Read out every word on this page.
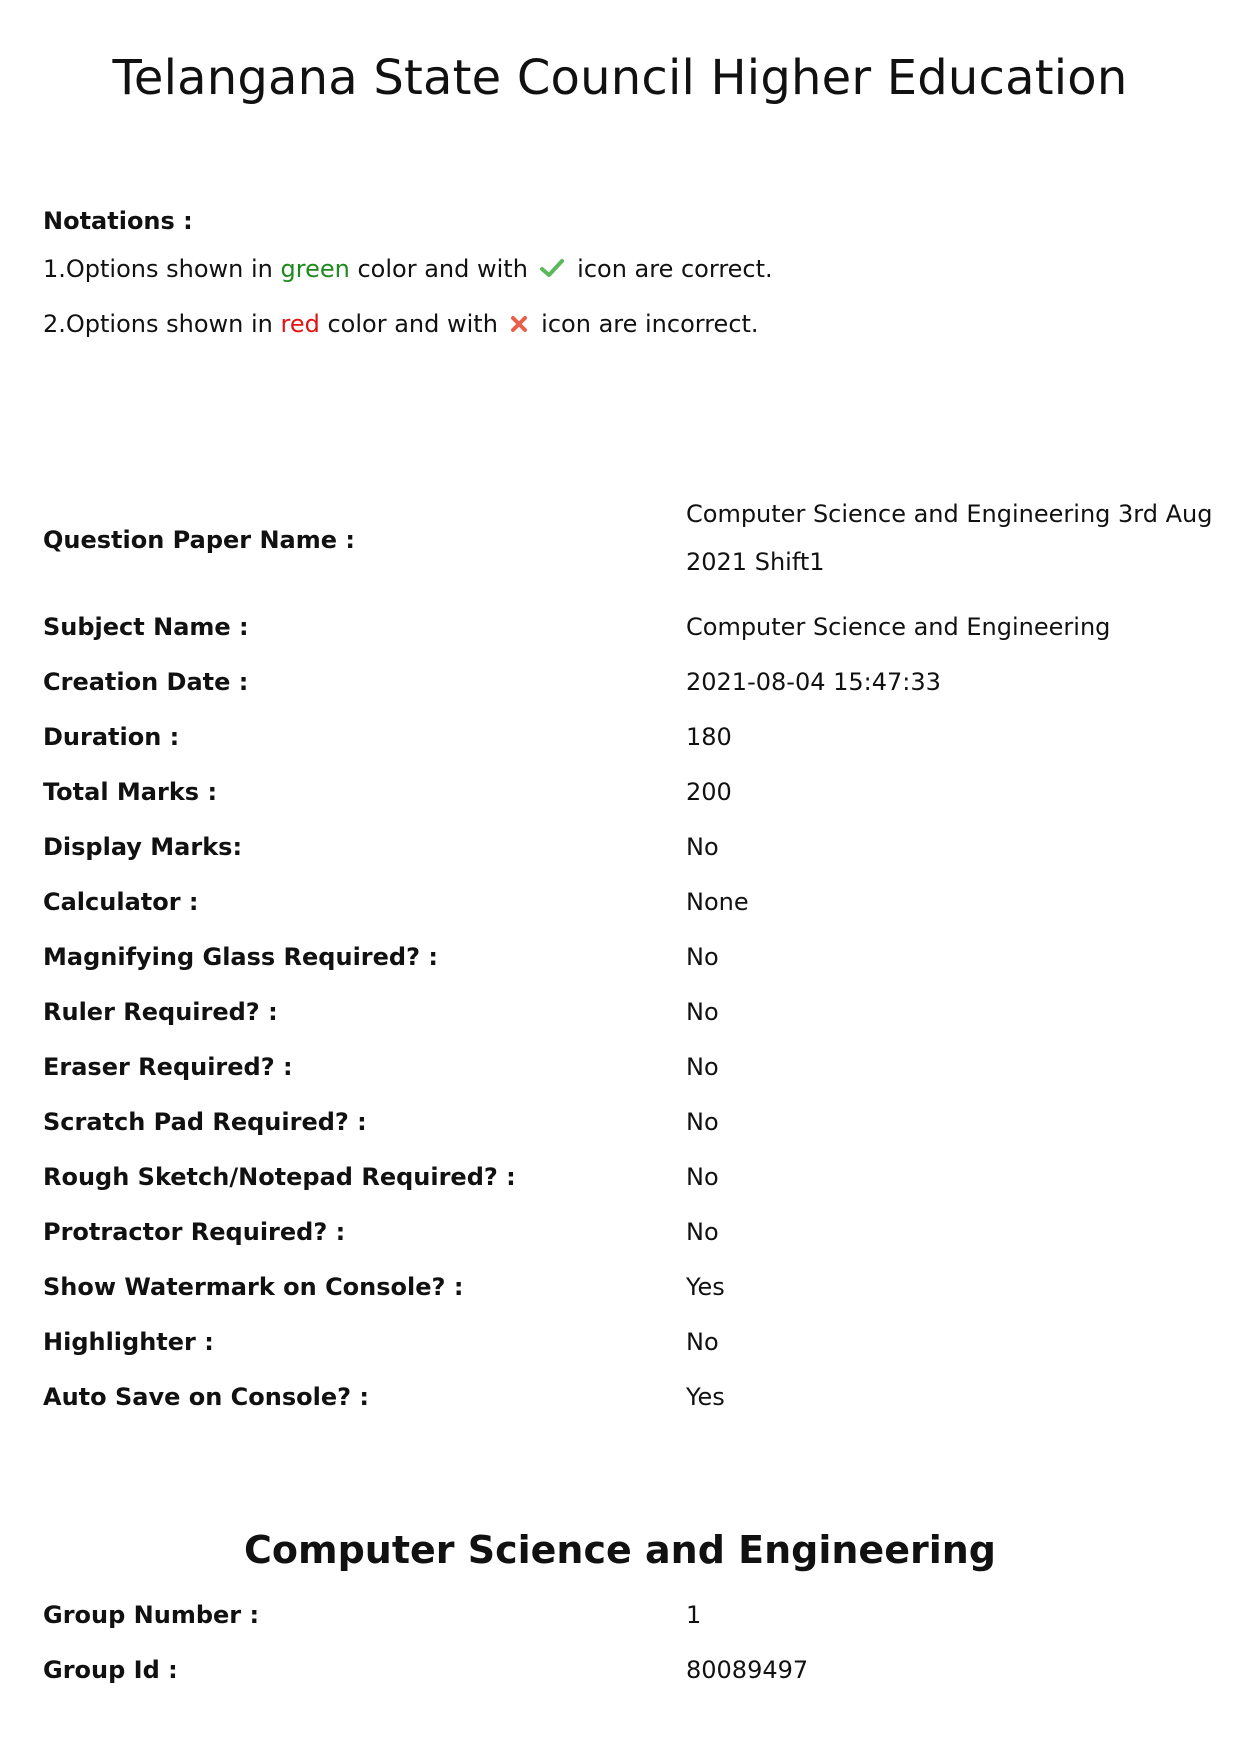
Telangana State Council Higher Education
Notations :
1.Options shown in green color and with  icon are correct.
2.Options shown in red color and with  icon are incorrect.
Question Paper Name :
Computer Science and Engineering 3rd Aug 2021 Shift1
Subject Name :	Computer Science and Engineering
Creation Date :	2021-08-04 15:47:33
Duration :	180
Total Marks :	200
Display Marks:	No
Calculator :	None
Magnifying Glass Required? :	No
Ruler Required? :	No
Eraser Required? :	No
Scratch Pad Required? :	No
Rough Sketch/Notepad Required? :	No
Protractor Required? :	No
Show Watermark on Console? :	Yes
Highlighter :	No
Auto Save on Console? :	Yes
Computer Science and Engineering
Group Number :	1
Group Id :	80089497
